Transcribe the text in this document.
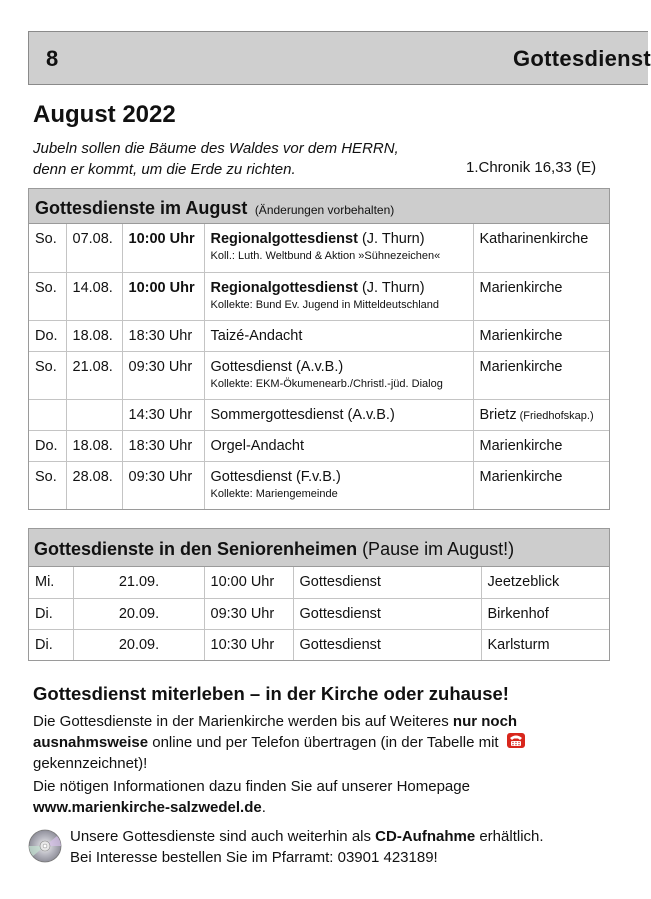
8	Gottesdienst
August 2022
Jubeln sollen die Bäume des Waldes vor dem HERRN,
denn er kommt, um die Erde zu richten.	1.Chronik 16,33 (E)
Gottesdienste im August (Änderungen vorbehalten)
So.	07.08.	10:00 Uhr	Regionalgottesdienst (J. Thurn)
Koll.: Luth. Weltbund & Aktion »Sühnezeichen«	Katharinenkirche
So.	14.08.	10:00 Uhr	Regionalgottesdienst (J. Thurn)
Kollekte: Bund Ev. Jugend in Mitteldeutschland	Marienkirche
Do.	18.08.	18:30 Uhr	Taizé-Andacht	Marienkirche
So.	21.08.	09:30 Uhr	Gottesdienst (A.v.B.)
Kollekte: EKM-Ökumenearb./Christl.-jüd. Dialog	Marienkirche
		14:30 Uhr	Sommergottesdienst (A.v.B.)	Brietz (Friedhofskap.)
Do.	18.08.	18:30 Uhr	Orgel-Andacht	Marienkirche
So.	28.08.	09:30 Uhr	Gottesdienst (F.v.B.)
Kollekte: Mariengemeinde	Marienkirche
Gottesdienste in den Seniorenheimen (Pause im August!)
Mi.	21.09.	10:00 Uhr	Gottesdienst	Jeetzeblick
Di.	20.09.	09:30 Uhr	Gottesdienst	Birkenhof
Di.	20.09.	10:30 Uhr	Gottesdienst	Karlsturm
Gottesdienst miterleben – in der Kirche oder zuhause!
Die Gottesdienste in der Marienkirche werden bis auf Weiteres nur noch ausnahmsweise online und per Telefon übertragen (in der Tabelle mit  gekennzeichnet)!
Die nötigen Informationen dazu finden Sie auf unserer Homepage
www.marienkirche-salzwedel.de.
Unsere Gottesdienste sind auch weiterhin als CD-Aufnahme erhältlich.
Bei Interesse bestellen Sie im Pfarramt: 03901 423189!
